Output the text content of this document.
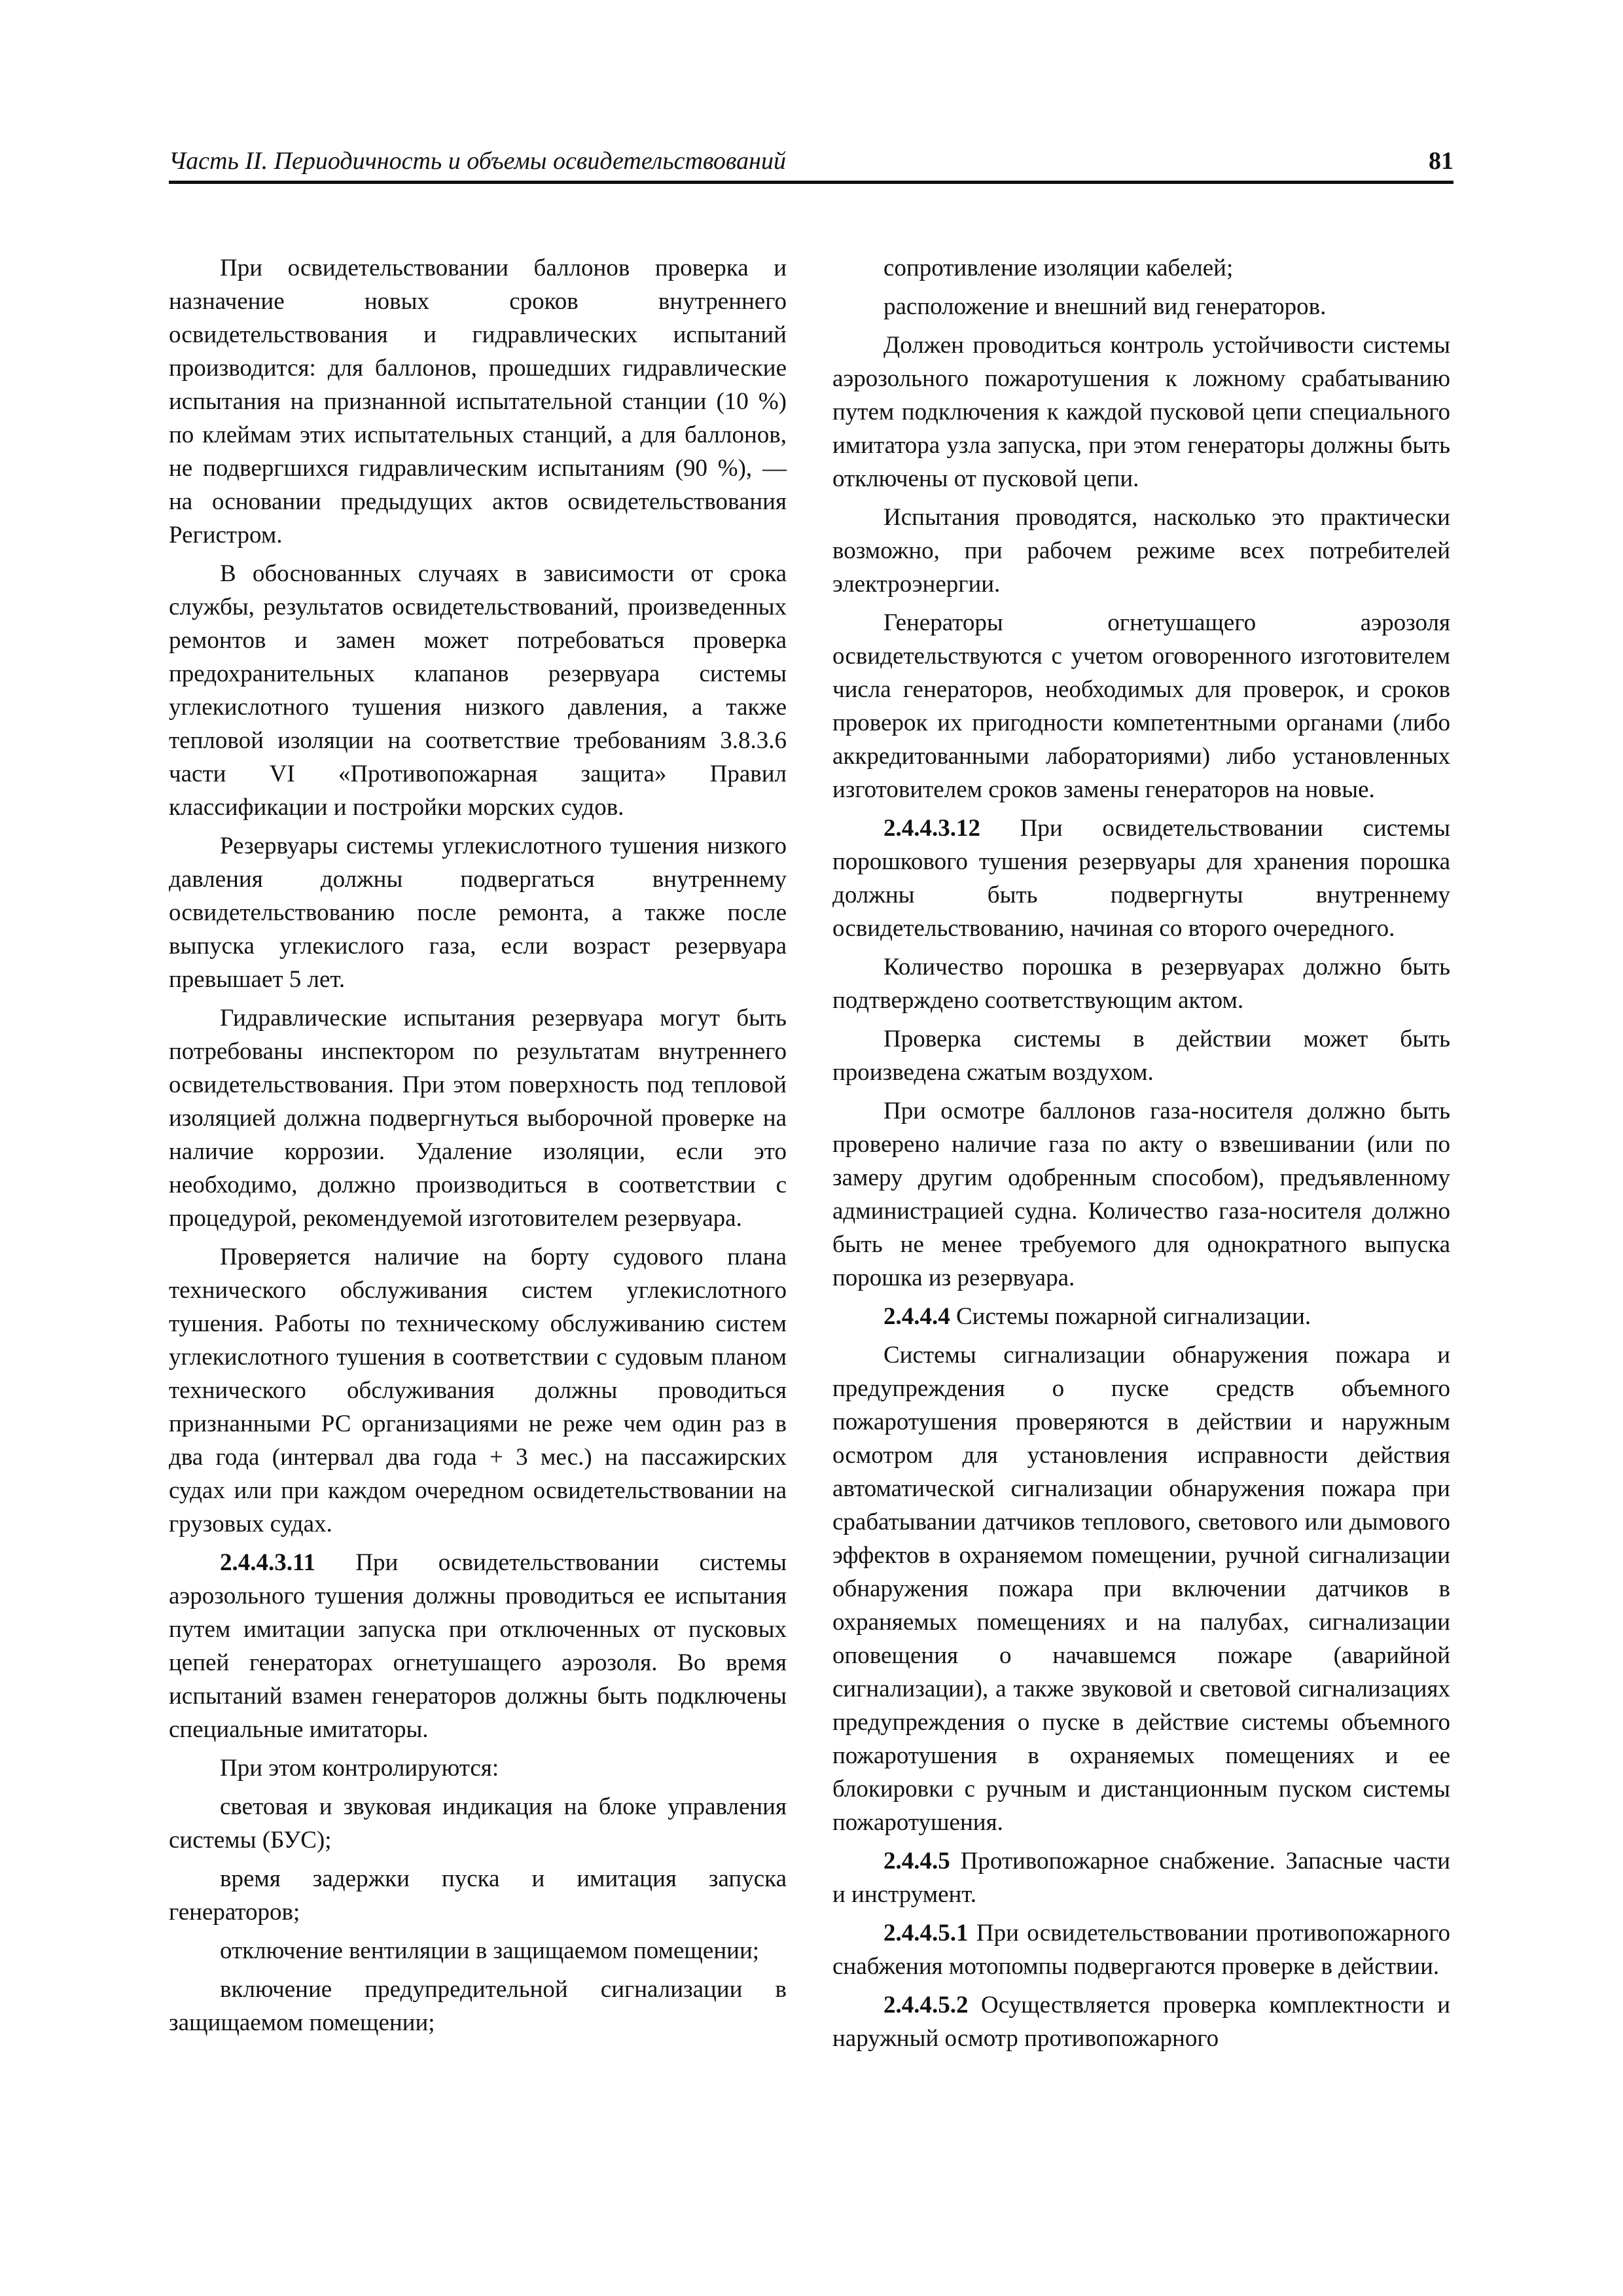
Часть II. Периодичность и объемы освидетельствований	81

При освидетельствовании баллонов проверка и назначение новых сроков внутреннего освидетельствования и гидравлических испытаний производится: для баллонов, прошедших гидравлические испытания на признанной испытательной станции (10 %) по клеймам этих испытательных станций, а для баллонов, не подвергшихся гидравлическим испытаниям (90 %), — на основании предыдущих актов освидетельствования Регистром.

В обоснованных случаях в зависимости от срока службы, результатов освидетельствований, произведенных ремонтов и замен может потребоваться проверка предохранительных клапанов резервуара системы углекислотного тушения низкого давления, а также тепловой изоляции на соответствие требованиям 3.8.3.6 части VI «Противопожарная защита» Правил классификации и постройки морских судов.

Резервуары системы углекислотного тушения низкого давления должны подвергаться внутреннему освидетельствованию после ремонта, а также после выпуска углекислого газа, если возраст резервуара превышает 5 лет.

Гидравлические испытания резервуара могут быть потребованы инспектором по результатам внутреннего освидетельствования. При этом поверхность под тепловой изоляцией должна подвергнуться выборочной проверке на наличие коррозии. Удаление изоляции, если это необходимо, должно производиться в соответствии с процедурой, рекомендуемой изготовителем резервуара.

Проверяется наличие на борту судового плана технического обслуживания систем углекислотного тушения. Работы по техническому обслуживанию систем углекислотного тушения в соответствии с судовым планом технического обслуживания должны проводиться признанными РС организациями не реже чем один раз в два года (интервал два года + 3 мес.) на пассажирских судах или при каждом очередном освидетельствовании на грузовых судах.

2.4.4.3.11 При освидетельствовании системы аэрозольного тушения должны проводиться ее испытания путем имитации запуска при отключенных от пусковых цепей генераторах огнетушащего аэрозоля. Во время испытаний взамен генераторов должны быть подключены специальные имитаторы.

При этом контролируются:

световая и звуковая индикация на блоке управления системы (БУС);

время задержки пуска и имитация запуска генераторов;

отключение вентиляции в защищаемом помещении;

включение предупредительной сигнализации в защищаемом помещении;

сопротивление изоляции кабелей;

расположение и внешний вид генераторов.

Должен проводиться контроль устойчивости системы аэрозольного пожаротушения к ложному срабатыванию путем подключения к каждой пусковой цепи специального имитатора узла запуска, при этом генераторы должны быть отключены от пусковой цепи.

Испытания проводятся, насколько это практически возможно, при рабочем режиме всех потребителей электроэнергии.

Генераторы огнетушащего аэрозоля освидетельствуются с учетом оговоренного изготовителем числа генераторов, необходимых для проверок, и сроков проверок их пригодности компетентными органами (либо аккредитованными лабораториями) либо установленных изготовителем сроков замены генераторов на новые.

2.4.4.3.12 При освидетельствовании системы порошкового тушения резервуары для хранения порошка должны быть подвергнуты внутреннему освидетельствованию, начиная со второго очередного.

Количество порошка в резервуарах должно быть подтверждено соответствующим актом.

Проверка системы в действии может быть произведена сжатым воздухом.

При осмотре баллонов газа-носителя должно быть проверено наличие газа по акту о взвешивании (или по замеру другим одобренным способом), предъявленному администрацией судна. Количество газа-носителя должно быть не менее требуемого для однократного выпуска порошка из резервуара.

2.4.4.4 Системы пожарной сигнализации.

Системы сигнализации обнаружения пожара и предупреждения о пуске средств объемного пожаротушения проверяются в действии и наружным осмотром для установления исправности действия автоматической сигнализации обнаружения пожара при срабатывании датчиков теплового, светового или дымового эффектов в охраняемом помещении, ручной сигнализации обнаружения пожара при включении датчиков в охраняемых помещениях и на палубах, сигнализации оповещения о начавшемся пожаре (аварийной сигнализации), а также звуковой и световой сигнализациях предупреждения о пуске в действие системы объемного пожаротушения в охраняемых помещениях и ее блокировки с ручным и дистанционным пуском системы пожаротушения.

2.4.4.5 Противопожарное снабжение. Запасные части и инструмент.

2.4.4.5.1 При освидетельствовании противопожарного снабжения мотопомпы подвергаются проверке в действии.

2.4.4.5.2 Осуществляется проверка комплектности и наружный осмотр противопожарного
